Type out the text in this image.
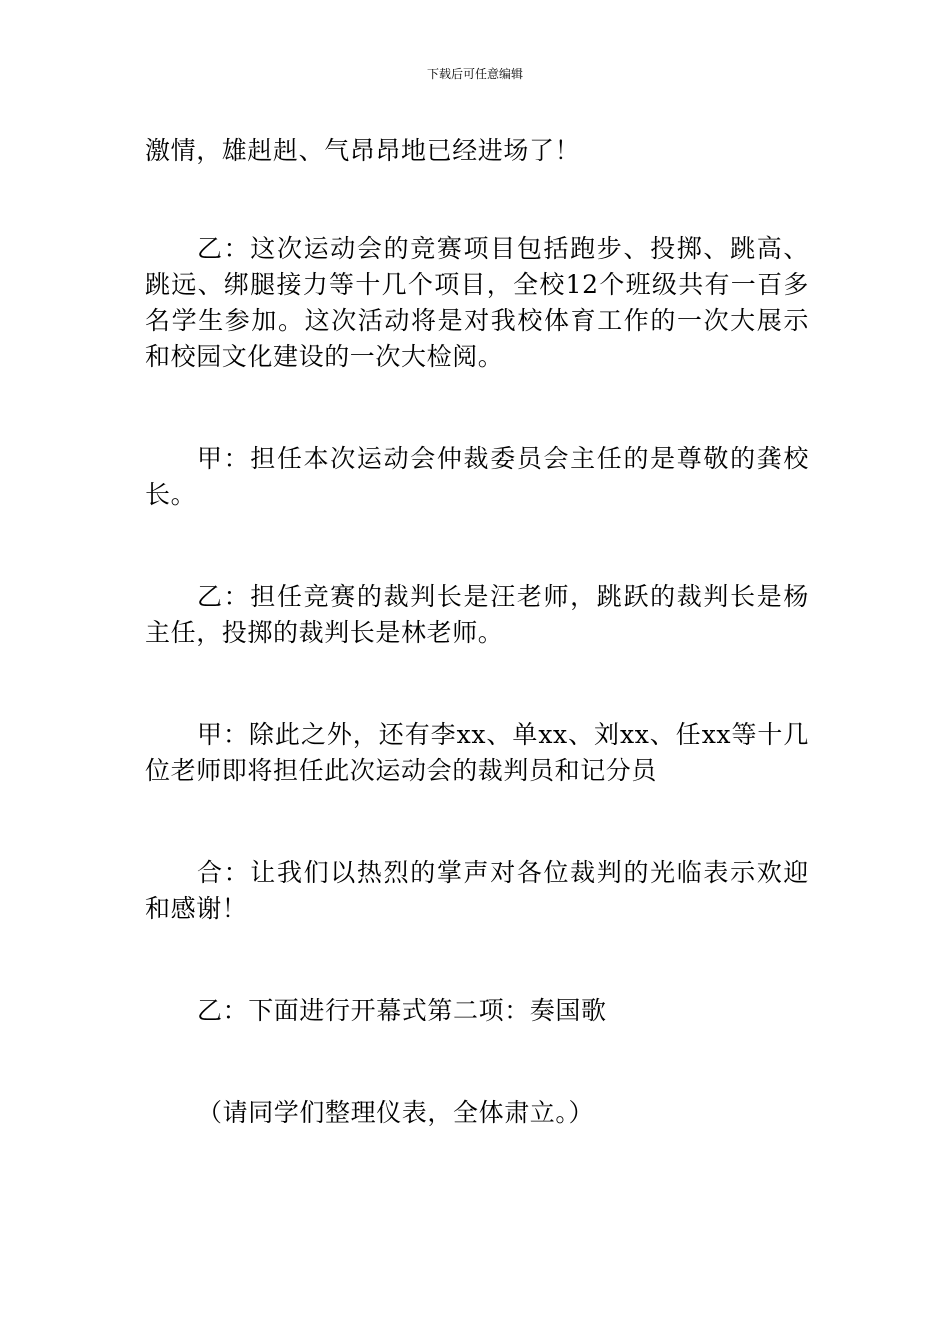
下载后可任意编辑

激情，雄赳赳、气昂昂地已经进场了！

乙：这次运动会的竞赛项目包括跑步、投掷、跳高、跳远、绑腿接力等十几个项目，全校12个班级共有一百多名学生参加。这次活动将是对我校体育工作的一次大展示和校园文化建设的一次大检阅。

甲：担任本次运动会仲裁委员会主任的是尊敬的龚校长。

乙：担任竞赛的裁判长是汪老师，跳跃的裁判长是杨主任，投掷的裁判长是林老师。

甲：除此之外，还有李xx、单xx、刘xx、任xx等十几位老师即将担任此次运动会的裁判员和记分员

合：让我们以热烈的掌声对各位裁判的光临表示欢迎和感谢！

乙：下面进行开幕式第二项：奏国歌

（请同学们整理仪表，全体肃立。）
